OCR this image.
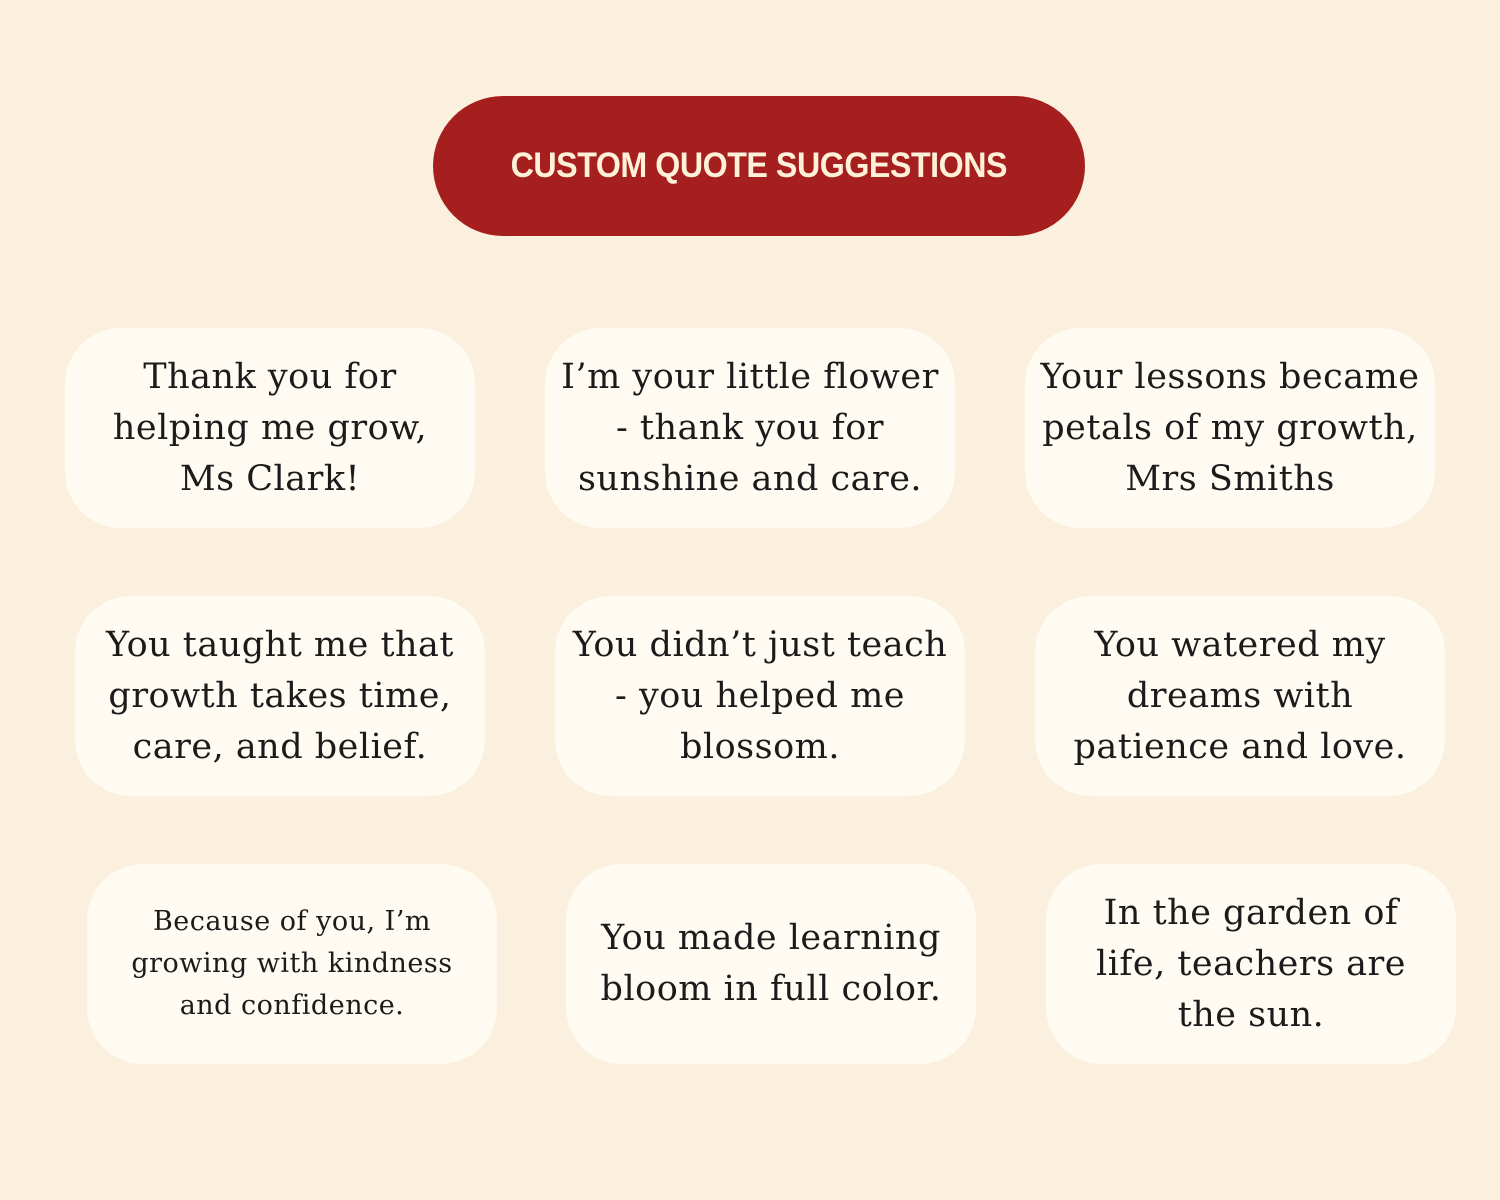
CUSTOM QUOTE SUGGESTIONS
Thank you for
helping me grow,
Ms Clark!
I’m your little flower
- thank you for
sunshine and care.
Your lessons became
petals of my growth,
Mrs Smiths
You taught me that
growth takes time,
care, and belief.
You didn’t just teach
- you helped me
blossom.
You watered my
dreams with
patience and love.
Because of you, I’m
growing with kindness
and confidence.
You made learning
bloom in full color.
In the garden of
life, teachers are
the sun.
